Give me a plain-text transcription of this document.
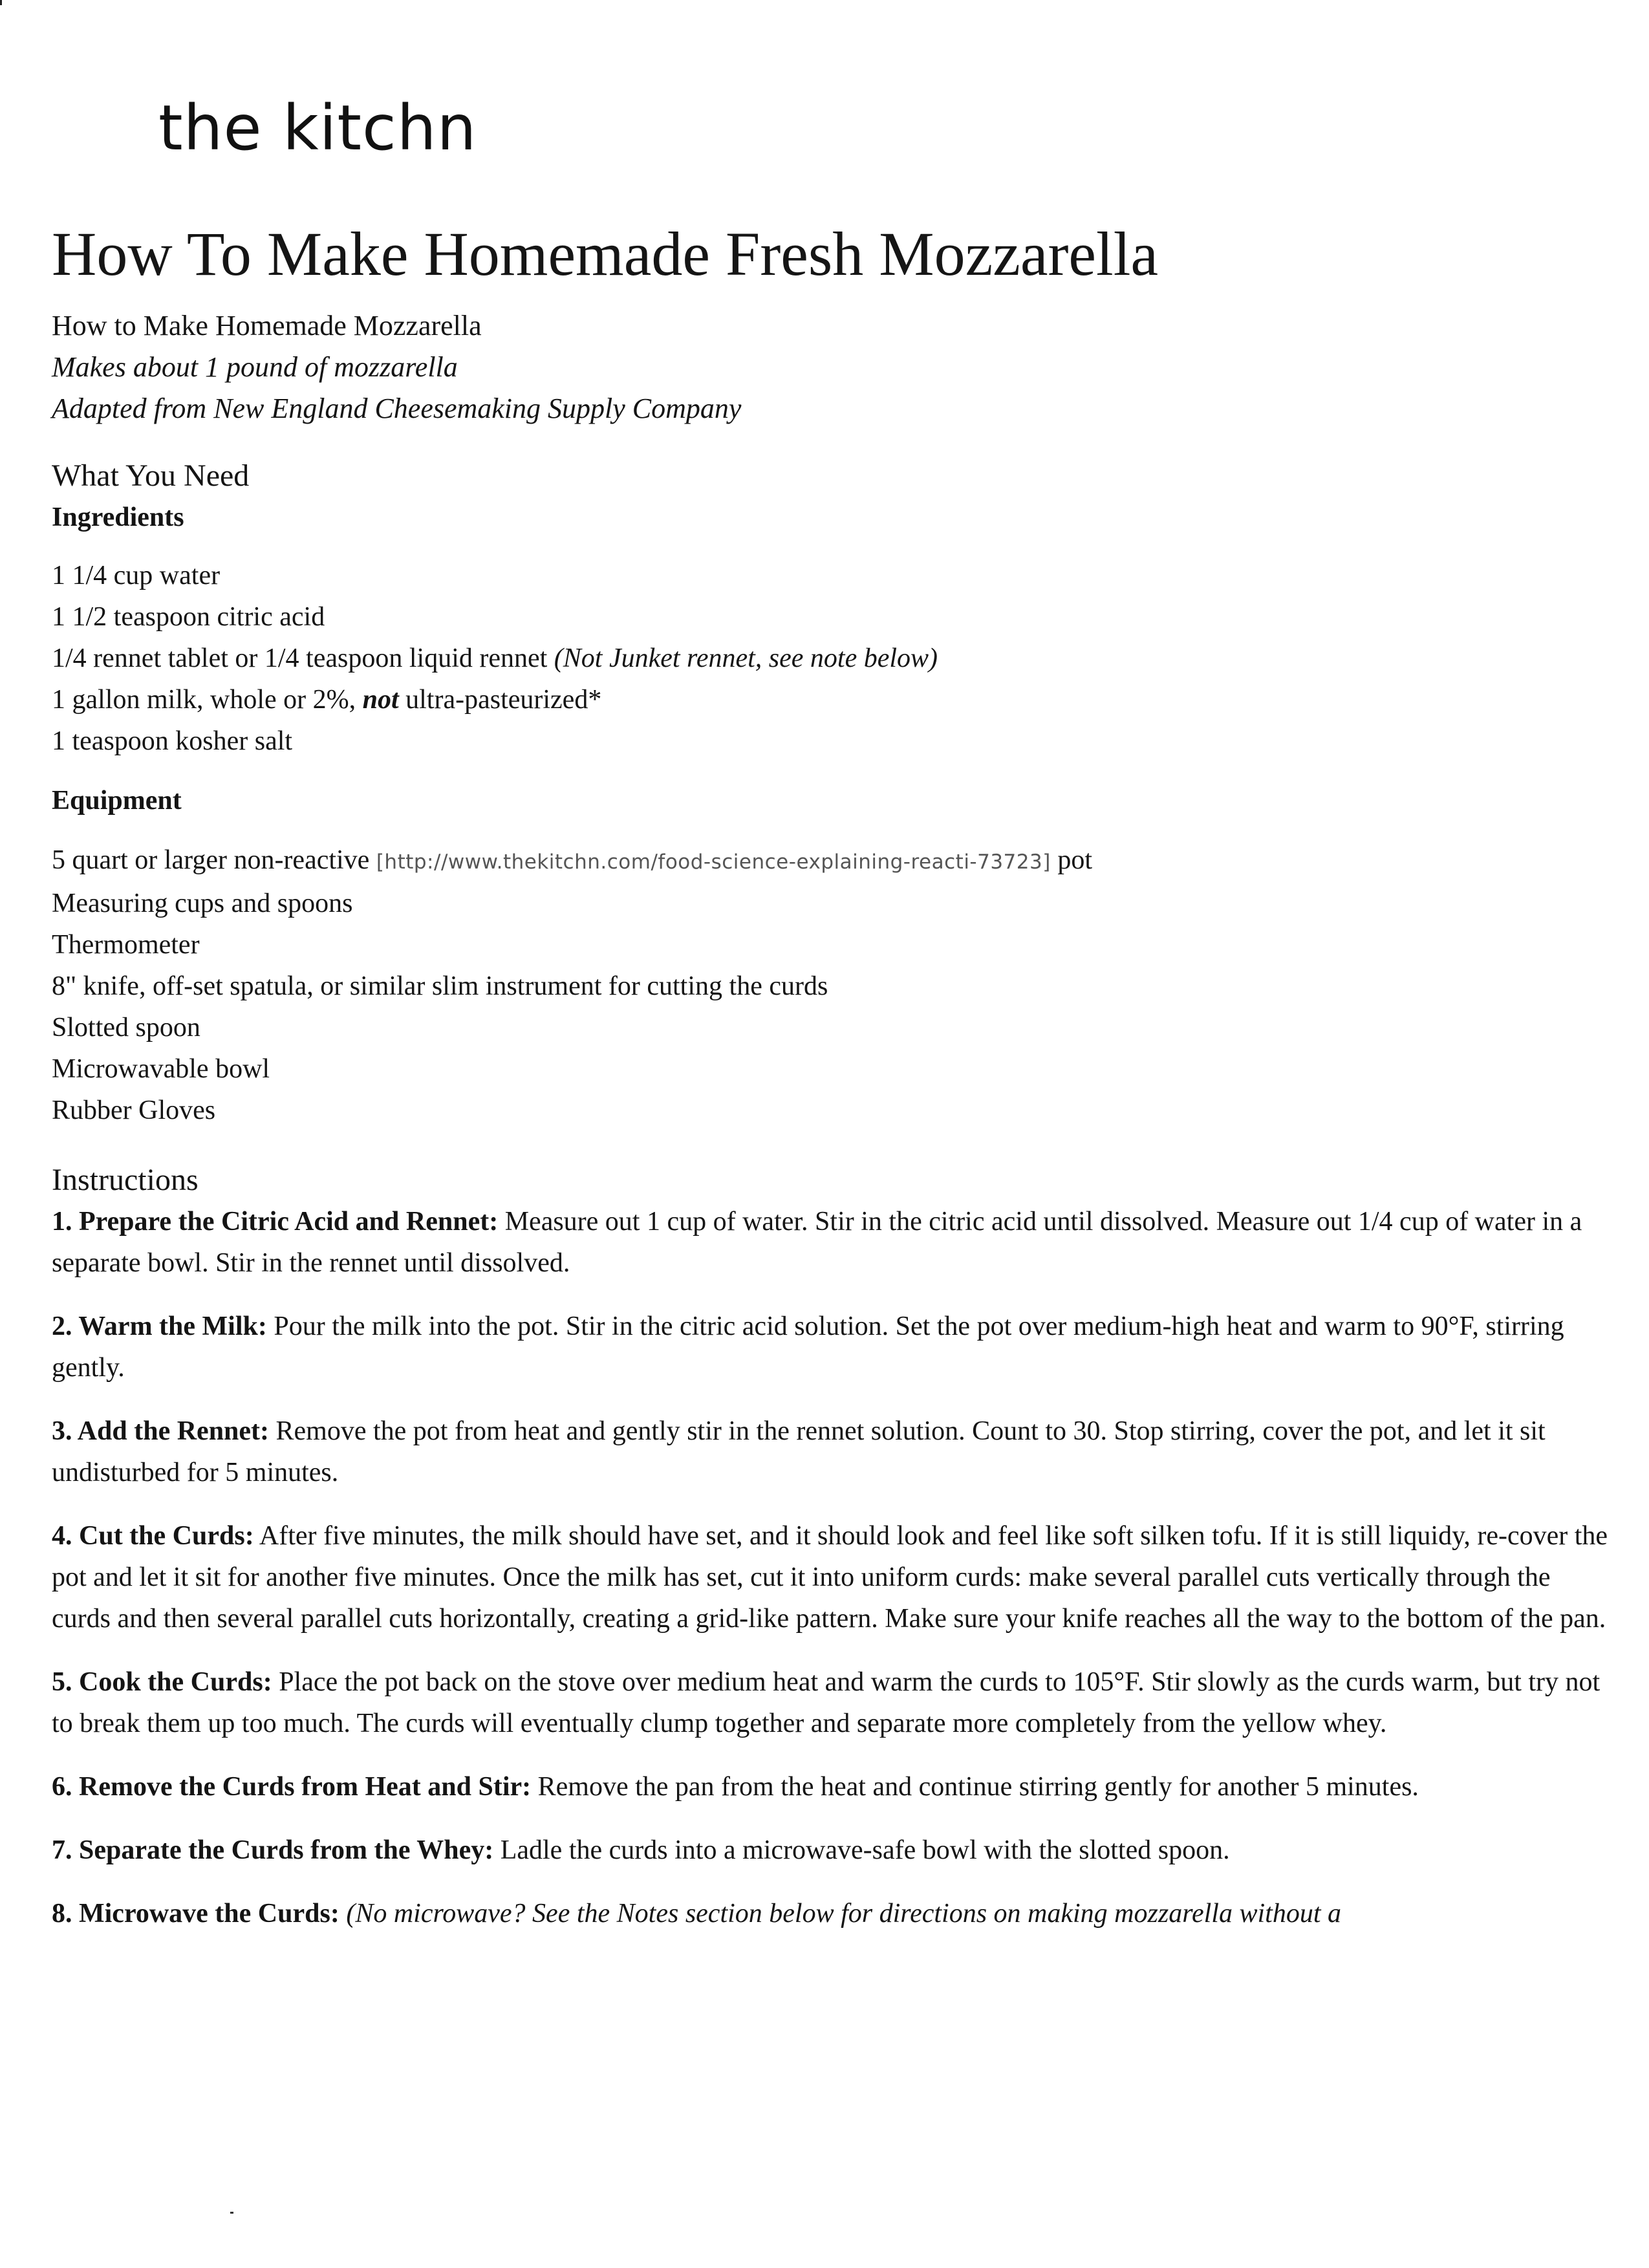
the kitchn
How To Make Homemade Fresh Mozzarella

How to Make Homemade Mozzarella

Makes about 1 pound of mozzarella

Adapted from New England Cheesemaking Supply Company

What You Need

Ingredients

1 1/4 cup water
1 1/2 teaspoon citric acid
1/4 rennet tablet or 1/4 teaspoon liquid rennet (Not Junket rennet, see note below)
1 gallon milk, whole or 2%, not ultra-pasteurized*
1 teaspoon kosher salt

Equipment

5 quart or larger non-reactive [http://www.thekitchn.com/food-science-explaining-reacti-73723] pot
Measuring cups and spoons
Thermometer
8" knife, off-set spatula, or similar slim instrument for cutting the curds
Slotted spoon
Microwavable bowl
Rubber Gloves

Instructions

1. Prepare the Citric Acid and Rennet: Measure out 1 cup of water. Stir in the citric acid until dissolved. Measure out 1/4 cup of water in a separate bowl. Stir in the rennet until dissolved.

2. Warm the Milk: Pour the milk into the pot. Stir in the citric acid solution. Set the pot over medium-high heat and warm to 90°F, stirring gently.

3. Add the Rennet: Remove the pot from heat and gently stir in the rennet solution. Count to 30. Stop stirring, cover the pot, and let it sit undisturbed for 5 minutes.

4. Cut the Curds: After five minutes, the milk should have set, and it should look and feel like soft silken tofu. If it is still liquidy, re-cover the pot and let it sit for another five minutes. Once the milk has set, cut it into uniform curds: make several parallel cuts vertically through the curds and then several parallel cuts horizontally, creating a grid-like pattern. Make sure your knife reaches all the way to the bottom of the pan.

5. Cook the Curds: Place the pot back on the stove over medium heat and warm the curds to 105°F. Stir slowly as the curds warm, but try not to break them up too much. The curds will eventually clump together and separate more completely from the yellow whey.

6. Remove the Curds from Heat and Stir: Remove the pan from the heat and continue stirring gently for another 5 minutes.

7. Separate the Curds from the Whey: Ladle the curds into a microwave-safe bowl with the slotted spoon.

8. Microwave the Curds: (No microwave? See the Notes section below for directions on making mozzarella without a
